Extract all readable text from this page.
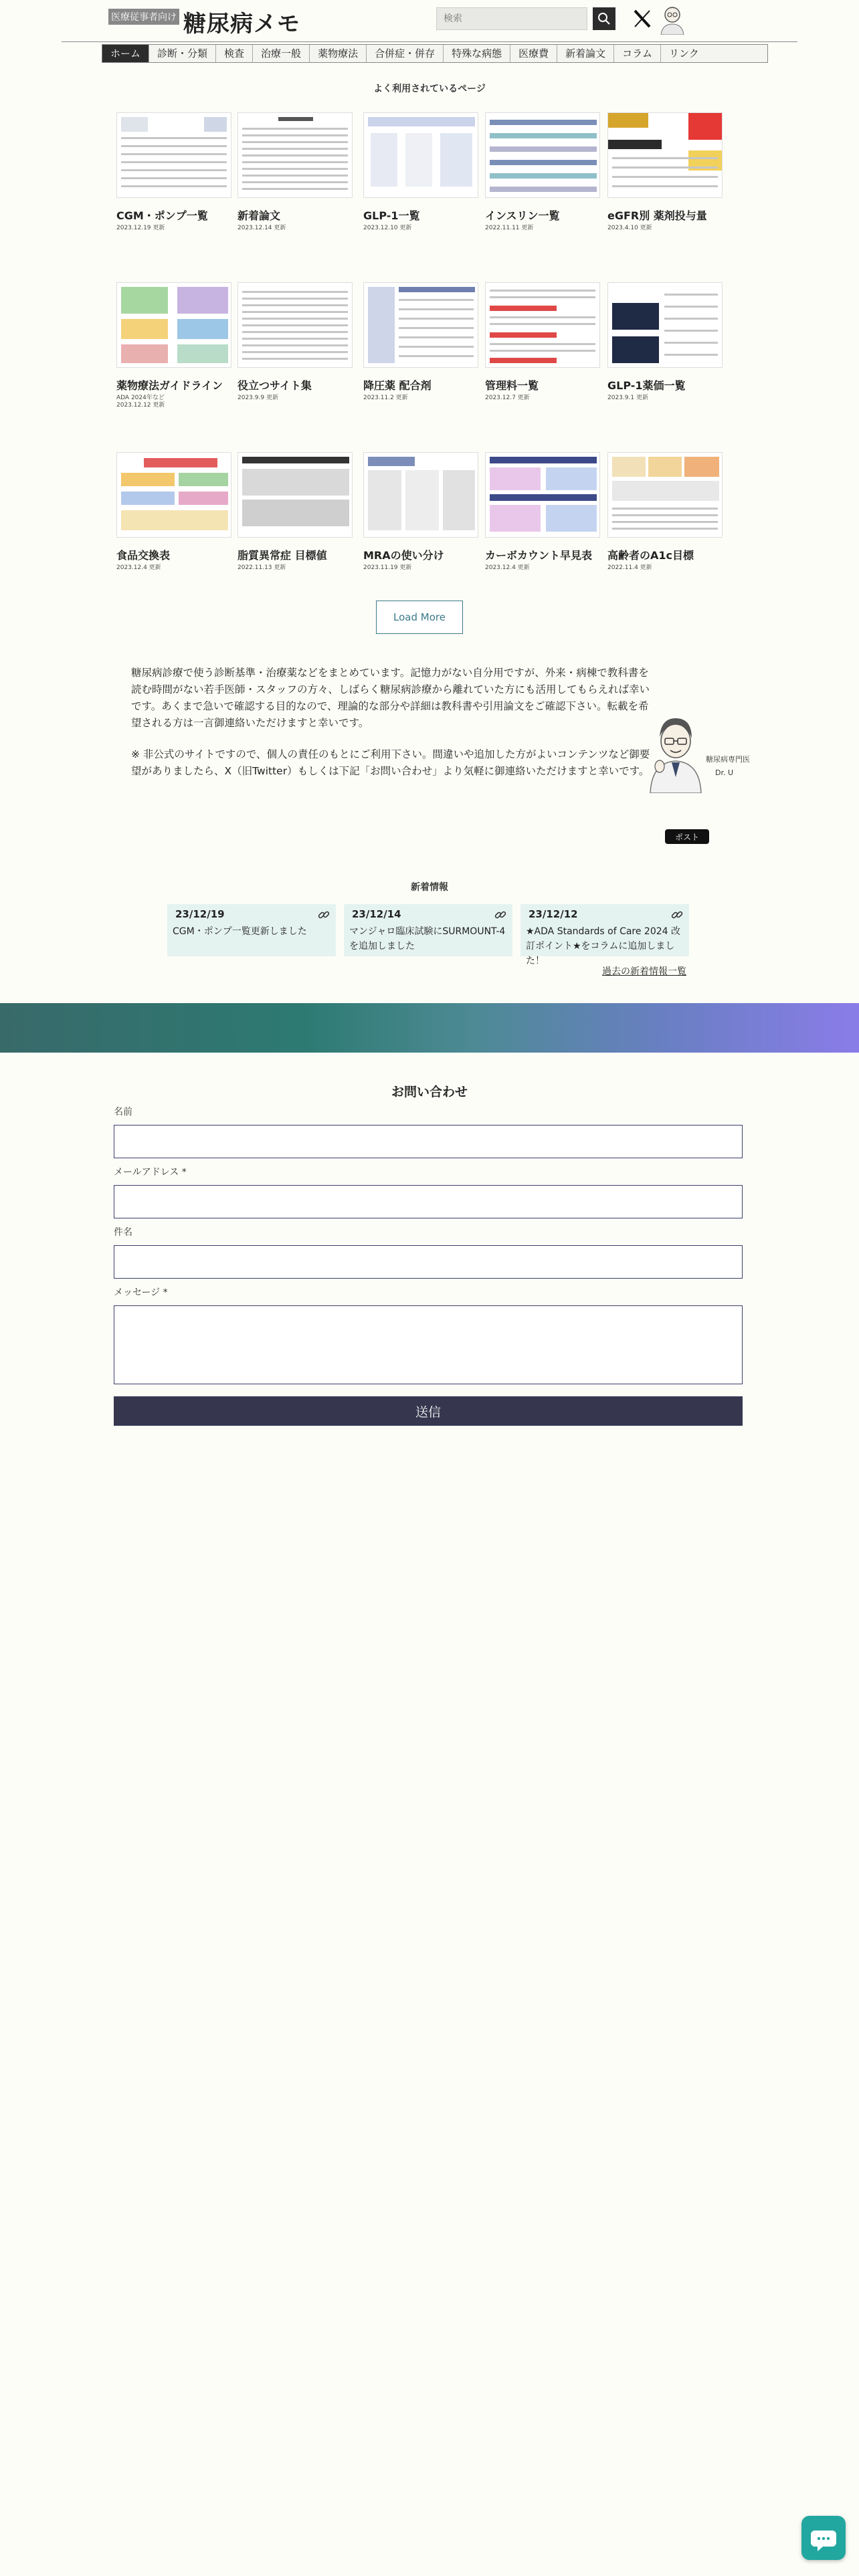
医療従事者向け 糖尿病メモ
検索
ホーム	診断・分類	検査	治療一般	薬物療法	合併症・併存	特殊な病態	医療費	新着論文	コラム	リンク
よく利用されているページ
CGM・ポンプ一覧
2023.12.19 更新
新着論文
2023.12.14 更新
GLP-1一覧
2023.12.10 更新
インスリン一覧
2022.11.11 更新
eGFR別 薬剤投与量
2023.4.10 更新
薬物療法ガイドライン
ADA 2024年など
2023.12.12 更新
役立つサイト集
2023.9.9 更新
降圧薬 配合剤
2023.11.2 更新
管理料一覧
2023.12.7 更新
GLP-1薬価一覧
2023.9.1 更新
食品交換表
2023.12.4 更新
脂質異常症 目標値
2022.11.13 更新
MRAの使い分け
2023.11.19 更新
カーボカウント早見表
2023.12.4 更新
高齢者のA1c目標
2022.11.4 更新
Load More

糖尿病診療で使う診断基準・治療薬などをまとめています。記憶力がない自分用ですが、外来・病棟で教科書を読む時間がない若手医師・スタッフの方々、しばらく糖尿病診療から離れていた方にも活用してもらえれば幸いです。あくまで急いで確認する目的なので、理論的な部分や詳細は教科書や引用論文をご確認下さい。転載を希望される方は一言御連絡いただけますと幸いです。

※ 非公式のサイトですので、個人の責任のもとにご利用下さい。間違いや追加した方がよいコンテンツなど御要望がありましたら、X（旧Twitter）もしくは下記「お問い合わせ」より気軽に御連絡いただけますと幸いです。

糖尿病専門医
Dr. U
ポスト
新着情報
23/12/19
CGM・ポンプ一覧更新しました
23/12/14
マンジャロ臨床試験にSURMOUNT-4を追加しました
23/12/12
★ADA Standards of Care 2024 改訂ポイント★をコラムに追加しました！
過去の新着情報一覧
お問い合わせ
名前
メールアドレス *
件名
メッセージ *
送信
